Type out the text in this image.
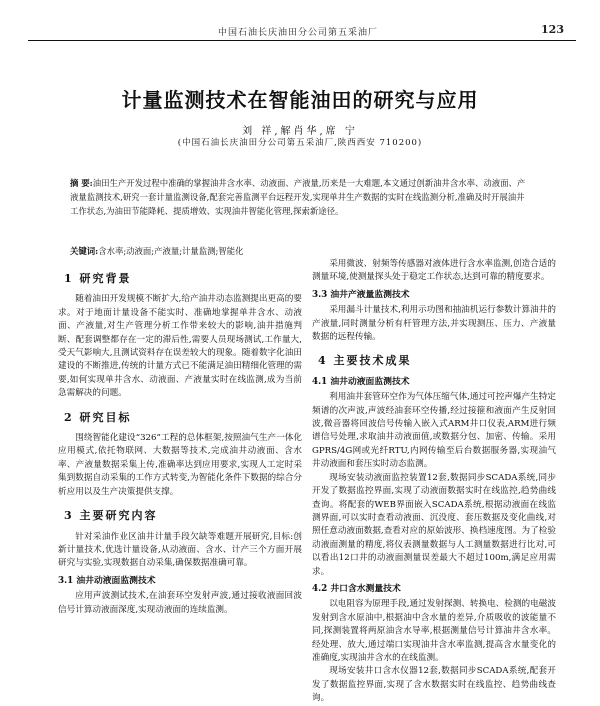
中国石油长庆油田分公司第五采油厂	123
计量监测技术在智能油田的研究与应用
刘 祥,解肖华,席 宁
(中国石油长庆油田分公司第五采油厂,陕西西安 710200)
摘 要:油田生产开发过程中准确的掌握油井含水率、动液面、产液量,历来是一大难题,本文通过创新油井含水率、动液面、产液量监测技术,研究一套计量监测设备,配套完善监测平台远程开发,实现单井生产数据的实时在线监测分析,准确及时开展油井工作状态,为油田节能降耗、提质增效、实现油井智能化管理,探索新途径。
关键词:含水率;动液面;产液量;计量监测;智能化
1 研究背景

随着油田开发规模不断扩大,给产油井动态监测提出更高的要求。对于地面计量设备不能实时、准确地掌握单井含水、动液面、产液量,对生产管理分析工作带来较大的影响,油井措施判断、配套调整都存在一定的滞后性,需要人员现场测试,工作量大,受天气影响大,且测试资料存在误差较大的现象。随着数字化油田建设的不断推进,传统的计量方式已不能满足油田精细化管理的需要,如何实现单井含水、动液面、产液量实时在线监测,成为当前急需解决的问题。

2 研究目标

围绕智能化建设“326”工程的总体框架,按照油气生产一体化应用模式,依托物联网、大数据等技术,完成油井动液面、含水率、产液量数据采集上传,准确率达到应用要求,实现人工定时采集到数据自动采集的工作方式转变,为智能化条件下数据的综合分析应用以及生产决策提供支撑。

3 主要研究内容

针对采油作业区油井计量手段欠缺等难题开展研究,目标:创新计量技术,优选计量设备,从动液面、含水、计产三个方面开展研究与实验,实现数据自动采集,确保数据准确可靠。

3.1 油井动液面监测技术

应用声波测试技术,在油套环空发射声波,通过接收液面回波信号计算动液面深度,实现动液面的连续监测。

采用微波、射频等传感器对液体进行含水率监测,创造合适的测量环境,使测量探头处于稳定工作状态,达到可靠的精度要求。

3.3 油井产液量监测技术

采用漏斗计量技术,利用示功图和抽油机运行参数计算油井的产液量,同时测量分析有杆管理方法,并实现测压、压力、产液量数据的远程传输。

4 主要技术成果
4.1 油井动液面监测技术

利用油井套管环空作为气体压缩气体,通过可控声爆产生特定频谱的次声波,声波经油套环空传播,经过接箍和液面产生反射回波,微音器将回波信号传输入嵌入式ARM井口仪表,ARM进行频谱信号处理,求取油井动液面值,或数据分包、加密、传输。采用GPRS/4G网或光纤RTU,内网传输至后台数据服务器,实现油气井动液面和套压实时动态监测。

现场安装动液面监控装置12套,数据同步SCADA系统,同步开发了数据监控界面,实现了动液面数据实时在线监控,趋势曲线查询。将配套的WEB界面嵌入SCADA系统,根据动液面在线监测界面,可以实时查看动液面、沉没度、套压数据及变化曲线,对照任意动液面数据,查看对应的原始波形、换档速度图。为了检验动液面测量的精度,将仪表测量数据与人工测量数据进行比对,可以看出12口井的动液面测量误差最大不超过100m,满足应用需求。

4.2 井口含水测量技术

以电阻容为原理手段,通过发射探测、转换电、检测的电磁波发射到含水原油中,根据油中含水量的差异,介质吸收的波能量不同,探测装置将两原油含水导率,根据测量信号计算油井含水率。经处理、放大,通过端口实现油井含水率监测,提高含水量变化的准确度,实现油井含水的在线监测。

现场安装井口含水仪器12套,数据同步SCADA系统,配套开发了数据监控界面,实现了含水数据实时在线监控、趋势曲线查询。
